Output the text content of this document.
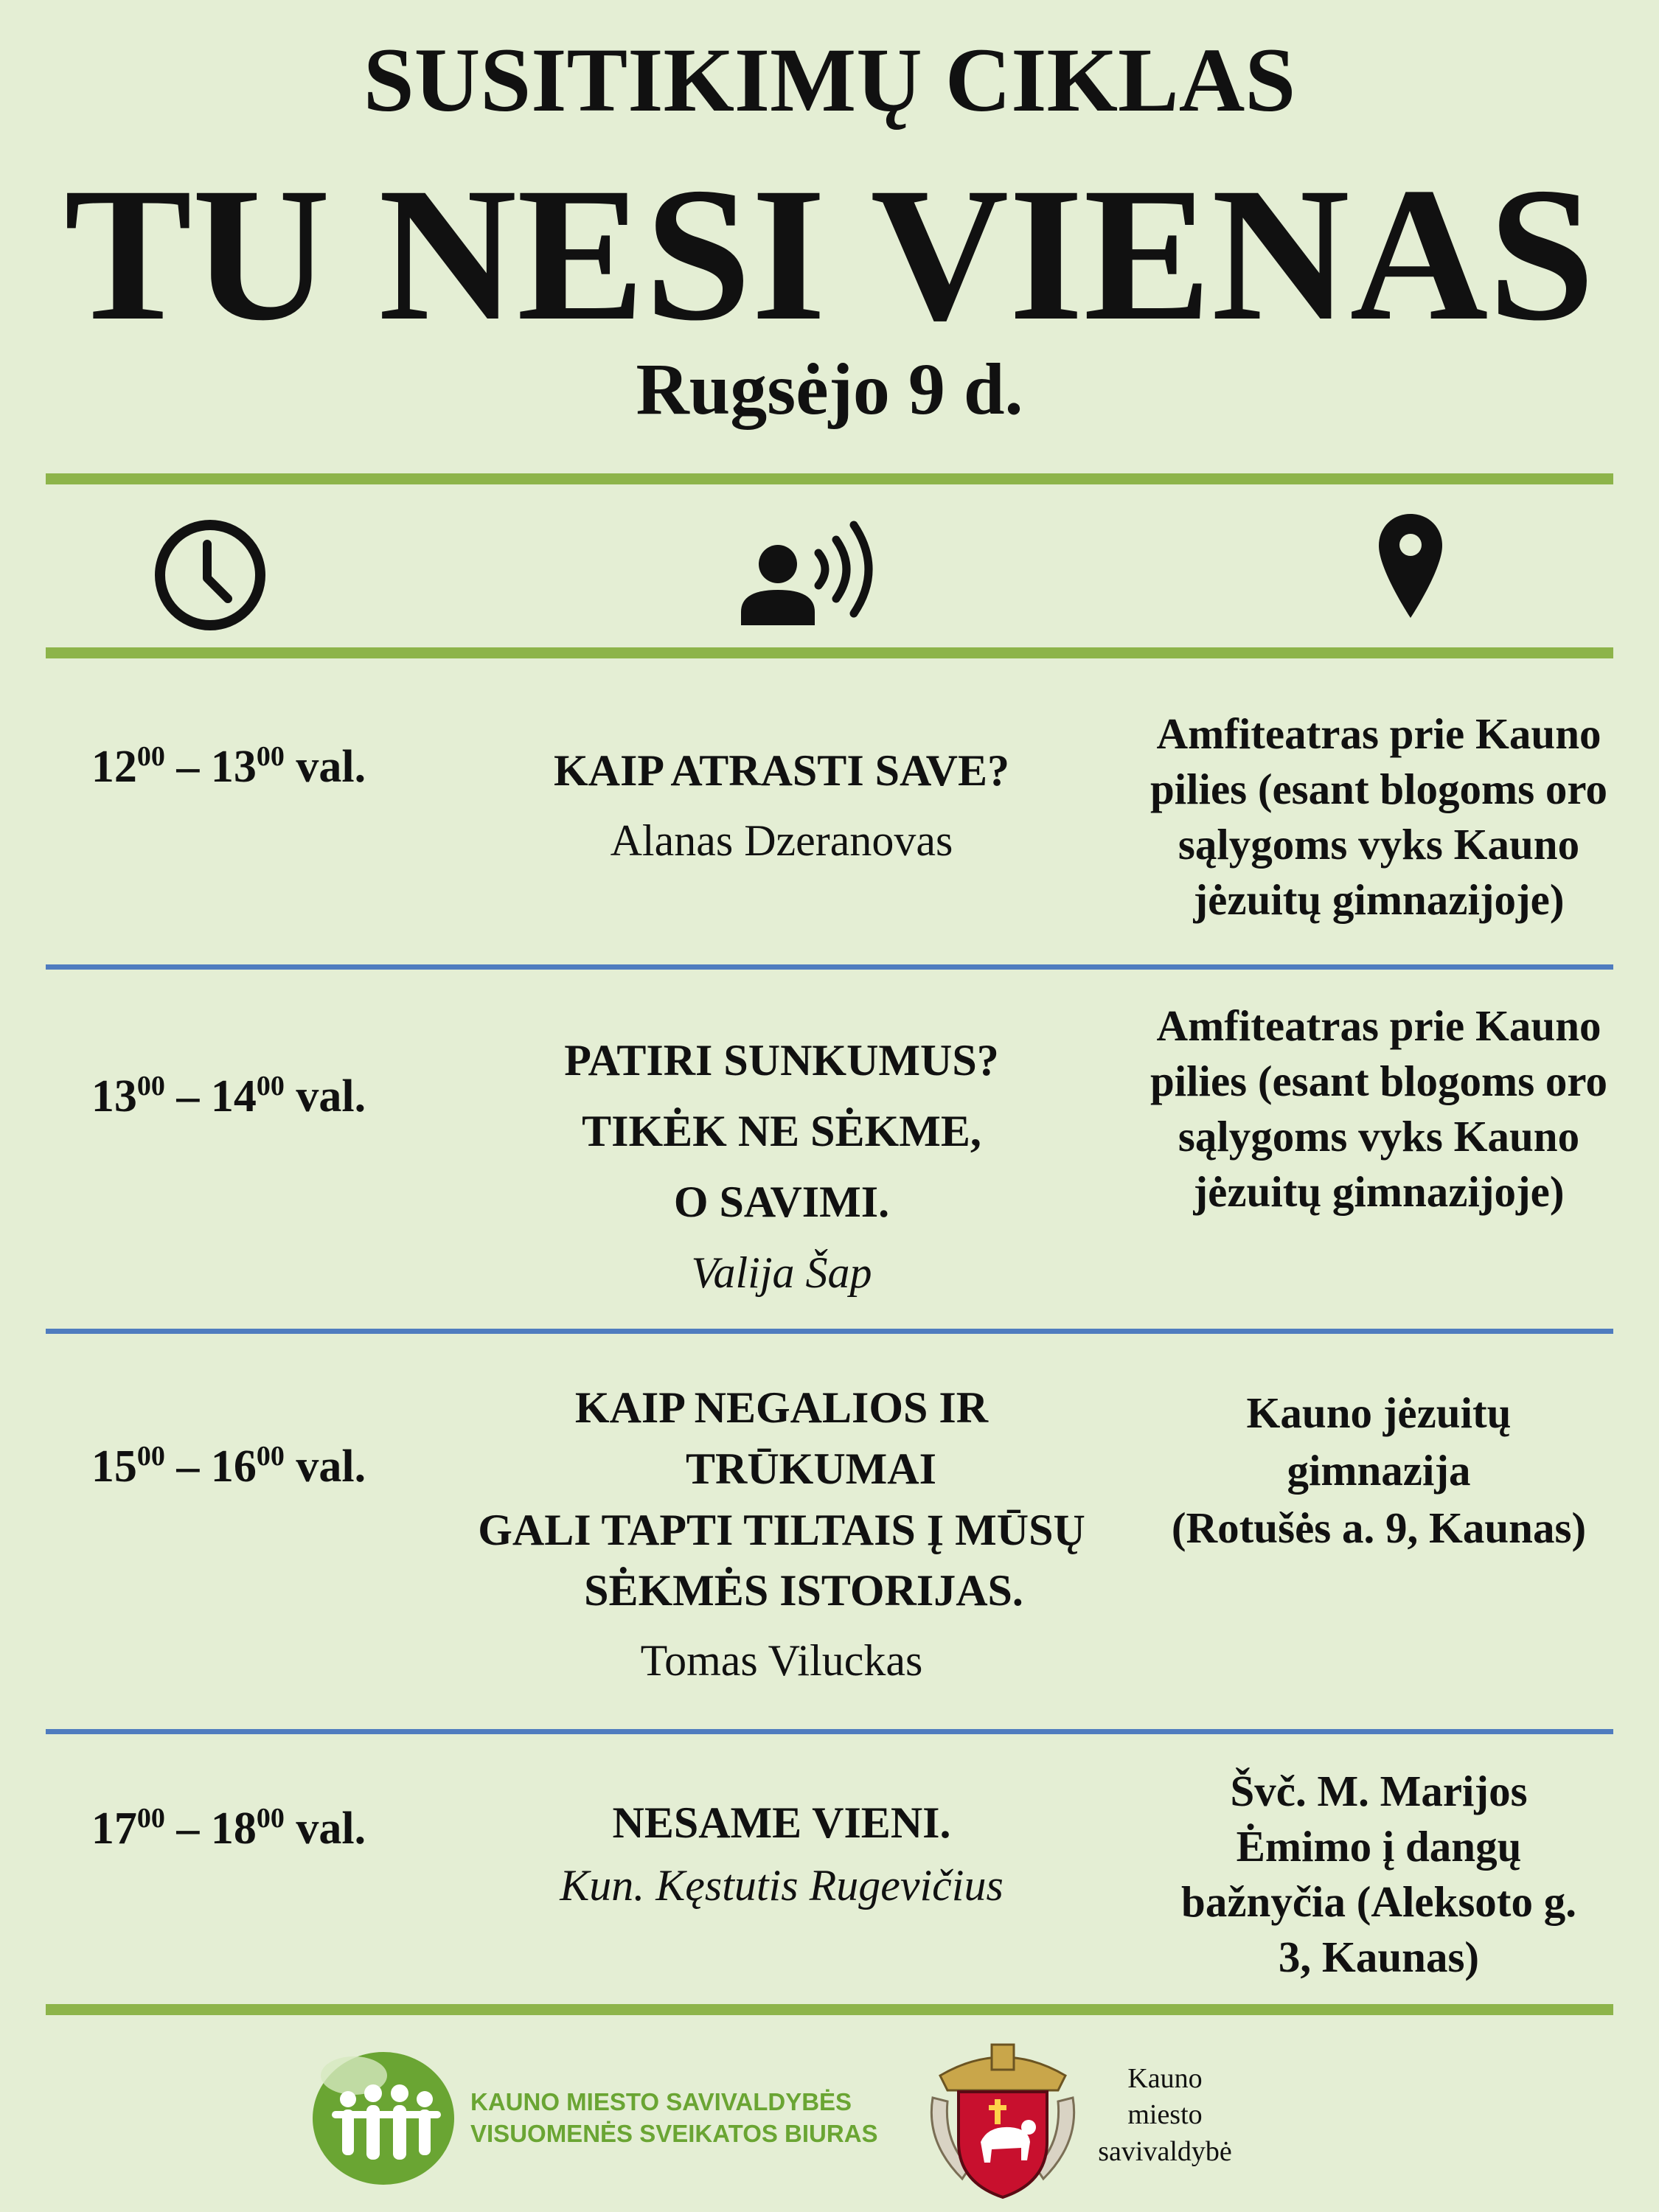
SUSITIKIMŲ CIKLAS
TU NESI VIENAS
Rugsėjo 9 d.
$12^{00} - 13^{00}$ val.	KAIP ATRASTI SAVE?
Alanas Dzeranovas
Amfiteatras prie Kauno
pilies (esant blogoms oro
sąlygoms vyks Kauno
jėzuitų gimnazijoje)
$13^{00} - 14^{00}$ val.
PATIRI SUNKUMUS?
TIKĖK NE SĖKME,
O SAVIMI.
Valija Šap
Amfiteatras prie Kauno
pilies (esant blogoms oro
sąlygoms vyks Kauno
jėzuitų gimnazijoje)
$15^{00} - 16^{00}$ val.
KAIP NEGALIOS IR
TRŪKUMAI
GALI TAPTI TILTAIS Į MŪSŲ
SĖKMĖS ISTORIJAS.
Tomas Viluckas
Kauno jėzuitų
gimnazija
(Rotušės a. 9, Kaunas)
$17^{00} - 18^{00}$ val.	NESAME VIENI.
Kun. Kęstutis Rugevičius
Švč. M. Marijos
Ėmimo į dangų
bažnyčia (Aleksoto g.
3, Kaunas)
KAUNO MIESTO SAVIVALDYBĖS
VISUOMENĖS SVEIKATOS BIURAS
Kauno
miesto
savivaldybė
